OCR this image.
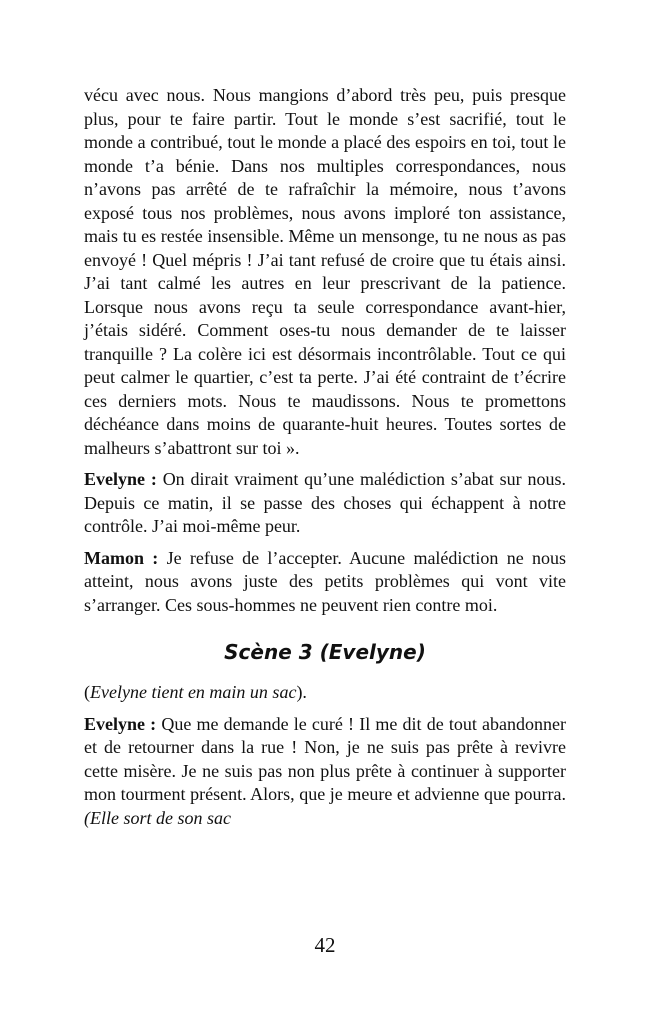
vécu avec nous. Nous mangions d’abord très peu, puis presque plus, pour te faire partir. Tout le monde s’est sacrifié, tout le monde a contribué, tout le monde a placé des espoirs en toi, tout le monde t’a bénie. Dans nos multiples correspondances, nous n’avons pas arrêté de te rafraîchir la mémoire, nous t’avons exposé tous nos problèmes, nous avons imploré ton assistance, mais tu es restée insensible. Même un mensonge, tu ne nous as pas envoyé ! Quel mépris ! J’ai tant refusé de croire que tu étais ainsi. J’ai tant calmé les autres en leur prescrivant de la patience. Lorsque nous avons reçu ta seule correspondance avant-hier, j’étais sidéré. Comment oses-tu nous demander de te laisser tranquille ? La colère ici est désormais incontrôlable. Tout ce qui peut calmer le quartier, c’est ta perte. J’ai été contraint de t’écrire ces derniers mots. Nous te maudissons. Nous te promettons déchéance dans moins de quarante-huit heures. Toutes sortes de malheurs s’abattront sur toi ».

Evelyne : On dirait vraiment qu’une malédiction s’abat sur nous. Depuis ce matin, il se passe des choses qui échappent à notre contrôle. J’ai moi-même peur.

Mamon : Je refuse de l’accepter. Aucune malédiction ne nous atteint, nous avons juste des petits problèmes qui vont vite s’arranger. Ces sous-hommes ne peuvent rien contre moi.

Scène 3 (Evelyne)

(Evelyne tient en main un sac).

Evelyne : Que me demande le curé ! Il me dit de tout abandonner et de retourner dans la rue ! Non, je ne suis pas prête à revivre cette misère. Je ne suis pas non plus prête à continuer à supporter mon tourment présent. Alors, que je meure et advienne que pourra. (Elle sort de son sac

42
